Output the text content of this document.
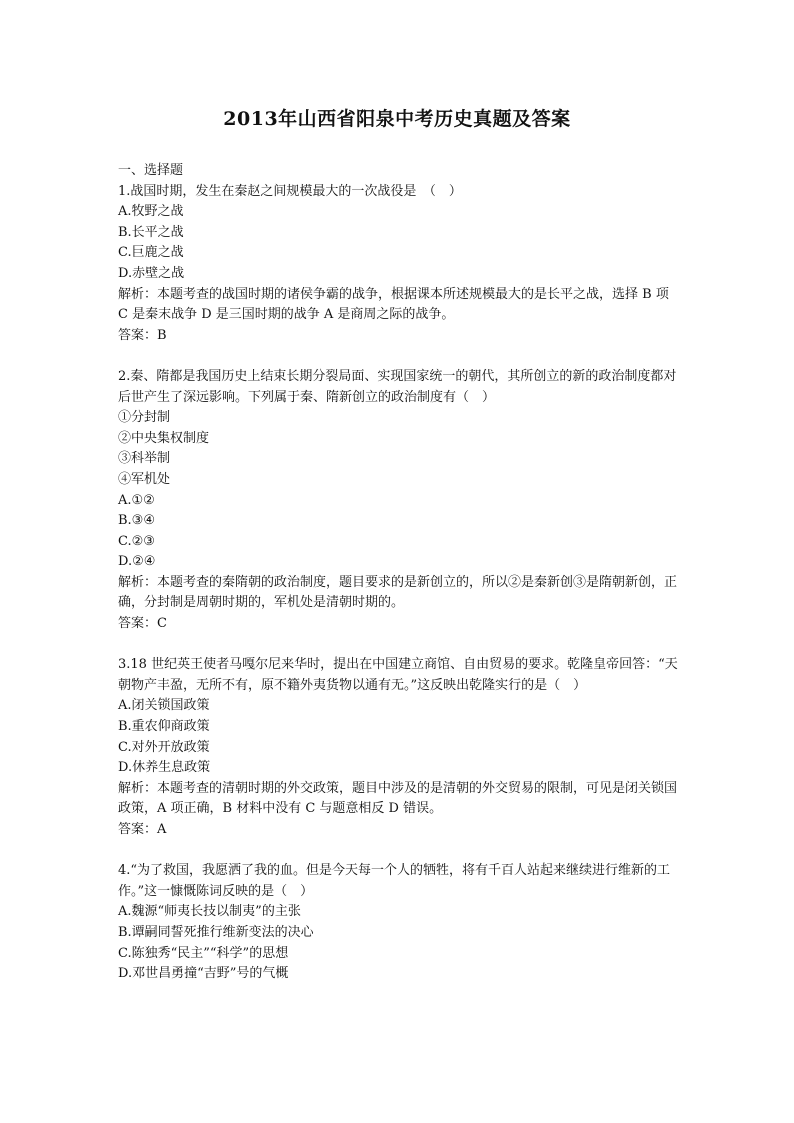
2013年山西省阳泉中考历史真题及答案
一、选择题
1.战国时期，发生在秦赵之间规模最大的一次战役是　（　）
A.牧野之战
B.长平之战
C.巨鹿之战
D.赤壁之战
解析：本题考查的战国时期的诸侯争霸的战争，根据课本所述规模最大的是长平之战，选择 B 项 C 是秦末战争 D 是三国时期的战争 A 是商周之际的战争。
答案：B
2.秦、隋都是我国历史上结束长期分裂局面、实现国家统一的朝代，其所创立的新的政治制度都对后世产生了深远影响。下列属于秦、隋新创立的政治制度有（　）
①分封制
②中央集权制度
③科举制
④军机处
A.①②
B.③④
C.②③
D.②④
解析：本题考查的秦隋朝的政治制度，题目要求的是新创立的，所以②是秦新创③是隋朝新创，正确，分封制是周朝时期的，军机处是清朝时期的。
答案：C
3.18 世纪英王使者马嘎尔尼来华时，提出在中国建立商馆、自由贸易的要求。乾隆皇帝回答：“天朝物产丰盈，无所不有，原不籍外夷货物以通有无。”这反映出乾隆实行的是（　）
A.闭关锁国政策
B.重农仰商政策
C.对外开放政策
D.休养生息政策
解析：本题考查的清朝时期的外交政策，题目中涉及的是清朝的外交贸易的限制，可见是闭关锁国政策，A 项正确，B 材料中没有 C 与题意相反 D 错误。
答案：A
4.“为了救国，我愿洒了我的血。但是今天每一个人的牺牲，将有千百人站起来继续进行维新的工作。”这一慷慨陈词反映的是（　）
A.魏源“师夷长技以制夷”的主张
B.谭嗣同誓死推行维新变法的决心
C.陈独秀“民主”“科学”的思想
D.邓世昌勇撞“吉野”号的气概
